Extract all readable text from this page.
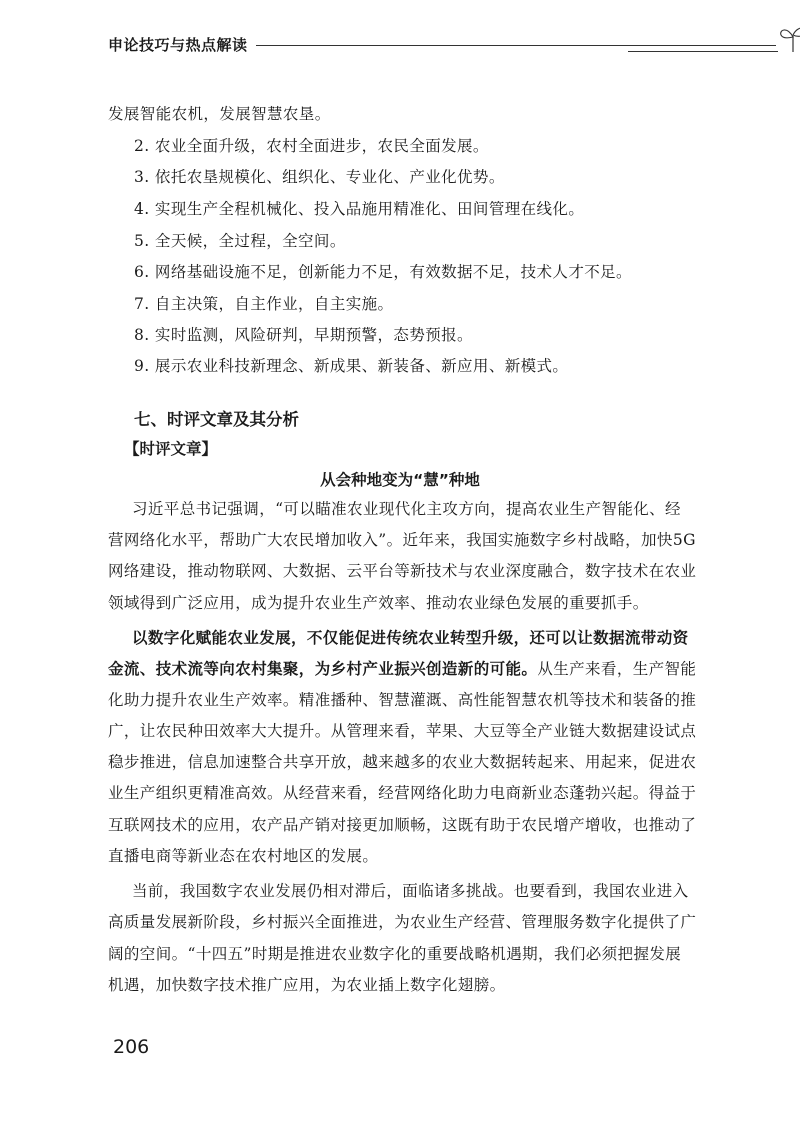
申论技巧与热点解读
发展智能农机，发展智慧农垦。
2. 农业全面升级，农村全面进步，农民全面发展。
3. 依托农垦规模化、组织化、专业化、产业化优势。
4. 实现生产全程机械化、投入品施用精准化、田间管理在线化。
5. 全天候，全过程，全空间。
6. 网络基础设施不足，创新能力不足，有效数据不足，技术人才不足。
7. 自主决策，自主作业，自主实施。
8. 实时监测，风险研判，早期预警，态势预报。
9. 展示农业科技新理念、新成果、新装备、新应用、新模式。
七、时评文章及其分析
【时评文章】
从会种地变为“慧”种地
习近平总书记强调，“可以瞄准农业现代化主攻方向，提高农业生产智能化、经
营网络化水平，帮助广大农民增加收入”。近年来，我国实施数字乡村战略，加快5G
网络建设，推动物联网、大数据、云平台等新技术与农业深度融合，数字技术在农业
领域得到广泛应用，成为提升农业生产效率、推动农业绿色发展的重要抓手。
以数字化赋能农业发展，不仅能促进传统农业转型升级，还可以让数据流带动资
金流、技术流等向农村集聚，为乡村产业振兴创造新的可能。从生产来看，生产智能
化助力提升农业生产效率。精准播种、智慧灌溉、高性能智慧农机等技术和装备的推
广，让农民种田效率大大提升。从管理来看，苹果、大豆等全产业链大数据建设试点
稳步推进，信息加速整合共享开放，越来越多的农业大数据转起来、用起来，促进农
业生产组织更精准高效。从经营来看，经营网络化助力电商新业态蓬勃兴起。得益于
互联网技术的应用，农产品产销对接更加顺畅，这既有助于农民增产增收，也推动了
直播电商等新业态在农村地区的发展。
当前，我国数字农业发展仍相对滞后，面临诸多挑战。也要看到，我国农业进入
高质量发展新阶段，乡村振兴全面推进，为农业生产经营、管理服务数字化提供了广
阔的空间。“十四五”时期是推进农业数字化的重要战略机遇期，我们必须把握发展
机遇，加快数字技术推广应用，为农业插上数字化翅膀。
206
